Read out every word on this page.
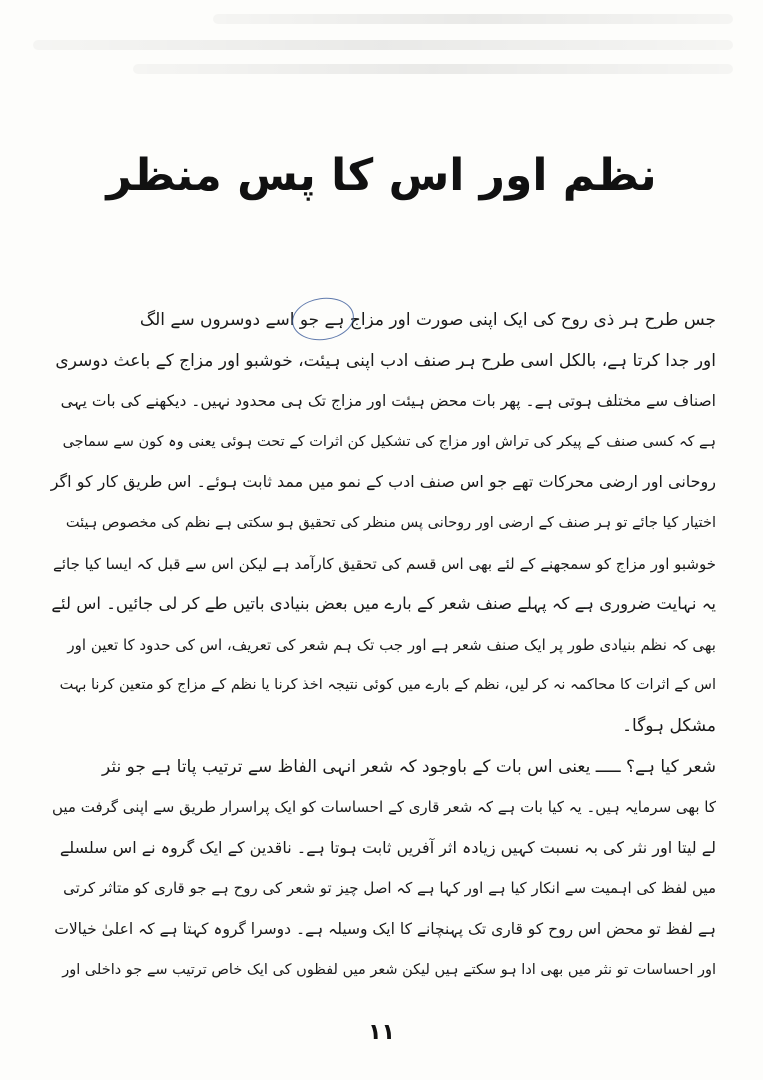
نظم اور اس کا پس منظر

جس طرح ہر ذی روح کی ایک اپنی صورت اور مزاج ہے جو اسے دوسروں سے الگ
اور جدا کرتا ہے، بالکل اسی طرح ہر صنف ادب اپنی ہیئت، خوشبو اور مزاج کے باعث دوسری
اصناف سے مختلف ہوتی ہے۔ پھر بات محض ہیئت اور مزاج تک ہی محدود نہیں۔ دیکھنے کی بات یہی
ہے کہ کسی صنف کے پیکر کی تراش اور مزاج کی تشکیل کن اثرات کے تحت ہوئی یعنی وہ کون سے سماجی
روحانی اور ارضی محرکات تھے جو اس صنف ادب کے نمو میں ممد ثابت ہوئے۔ اس طریق کار کو اگر
اختیار کیا جائے تو ہر صنف کے ارضی اور روحانی پس منظر کی تحقیق ہو سکتی ہے نظم کی مخصوص ہیئت
خوشبو اور مزاج کو سمجھنے کے لئے بھی اس قسم کی تحقیق کارآمد ہے لیکن اس سے قبل کہ ایسا کیا جائے
یہ نہایت ضروری ہے کہ پہلے صنف شعر کے بارے میں بعض بنیادی باتیں طے کر لی جائیں۔ اس لئے
بھی کہ نظم بنیادی طور پر ایک صنف شعر ہے اور جب تک ہم شعر کی تعریف، اس کی حدود کا تعین اور
اس کے اثرات کا محاکمہ نہ کر لیں، نظم کے بارے میں کوئی نتیجہ اخذ کرنا یا نظم کے مزاج کو متعین کرنا بہت
مشکل ہوگا۔

شعر کیا ہے؟ ـــــ یعنی اس بات کے باوجود کہ شعر انہی الفاظ سے ترتیب پاتا ہے جو نثر
کا بھی سرمایہ ہیں۔ یہ کیا بات ہے کہ شعر قاری کے احساسات کو ایک پراسرار طریق سے اپنی گرفت میں
لے لیتا اور نثر کی بہ نسبت کہیں زیادہ اثر آفریں ثابت ہوتا ہے۔ ناقدین کے ایک گروہ نے اس سلسلے
میں لفظ کی اہمیت سے انکار کیا ہے اور کہا ہے کہ اصل چیز تو شعر کی روح ہے جو قاری کو متاثر کرتی
ہے لفظ تو محض اس روح کو قاری تک پہنچانے کا ایک وسیلہ ہے۔ دوسرا گروہ کہتا ہے کہ اعلیٰ خیالات
اور احساسات تو نثر میں بھی ادا ہو سکتے ہیں لیکن شعر میں لفظوں کی ایک خاص ترتیب سے جو داخلی اور

۱۱
